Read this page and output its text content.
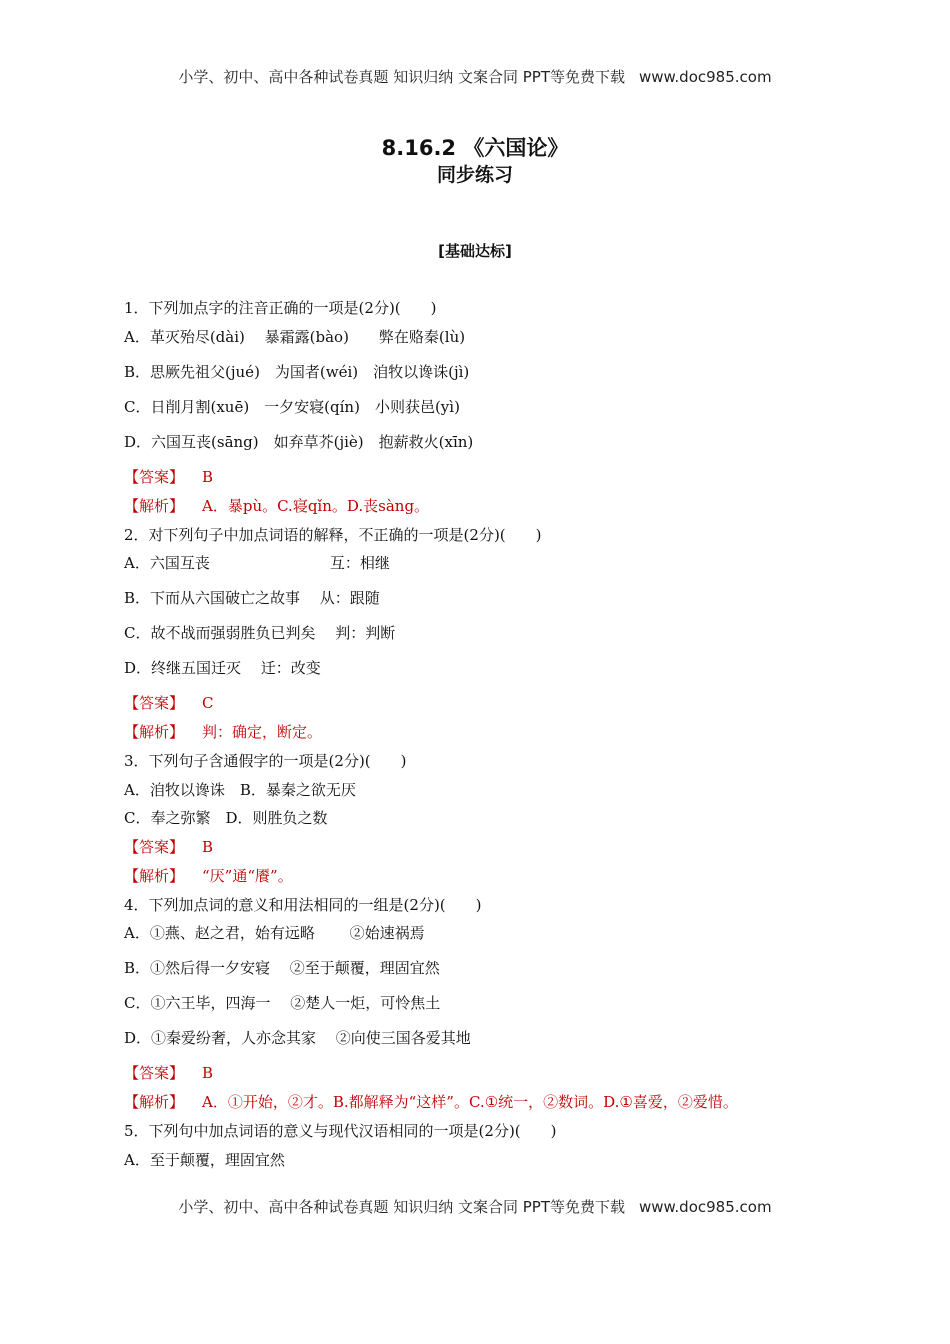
小学、初中、高中各种试卷真题 知识归纳 文案合同 PPT等免费下载 www.doc985.com
8.16.2 《六国论》
同步练习
[基础达标]
1．下列加点字的注音正确的一项是(2分)(　　)
A．革灭殆尽(dài)　 暴霜露(bào)　　弊在赂秦(lù)
B．思厥先祖父(jué)　为国者(wéi)　洎牧以谗诛(jì)
C．日削月割(xuē)　一夕安寝(qín)　小则获邑(yì)
D．六国互丧(sāng)　如弃草芥(jiè)　抱薪救火(xīn)
【答案】 B
【解析】 A．暴pù。C.寝qǐn。D.丧sàng。
2．对下列句子中加点词语的解释，不正确的一项是(2分)(　　)
A．六国互丧　　　　　　　　互：相继
B．下而从六国破亡之故事　 从：跟随
C．故不战而强弱胜负已判矣　 判：判断
D．终继五国迁灭　 迁：改变
【答案】 C
【解析】 判：确定，断定。
3．下列句子含通假字的一项是(2分)(　　)
A．洎牧以谗诛　B．暴秦之欲无厌
C．奉之弥繁　D．则胜负之数
【答案】 B
【解析】 “厌”通“餍”。
4．下列加点词的意义和用法相同的一组是(2分)(　　)
A．①燕、赵之君，始有远略　　 ②始速祸焉
B．①然后得一夕安寝　 ②至于颠覆，理固宜然
C．①六王毕，四海一　 ②楚人一炬，可怜焦土
D．①秦爱纷奢，人亦念其家　 ②向使三国各爱其地
【答案】 B
【解析】 A．①开始，②才。B.都解释为“这样”。C.①统一，②数词。D.①喜爱，②爱惜。
5．下列句中加点词语的意义与现代汉语相同的一项是(2分)(　　)
A．至于颠覆，理固宜然
小学、初中、高中各种试卷真题 知识归纳 文案合同 PPT等免费下载 www.doc985.com
